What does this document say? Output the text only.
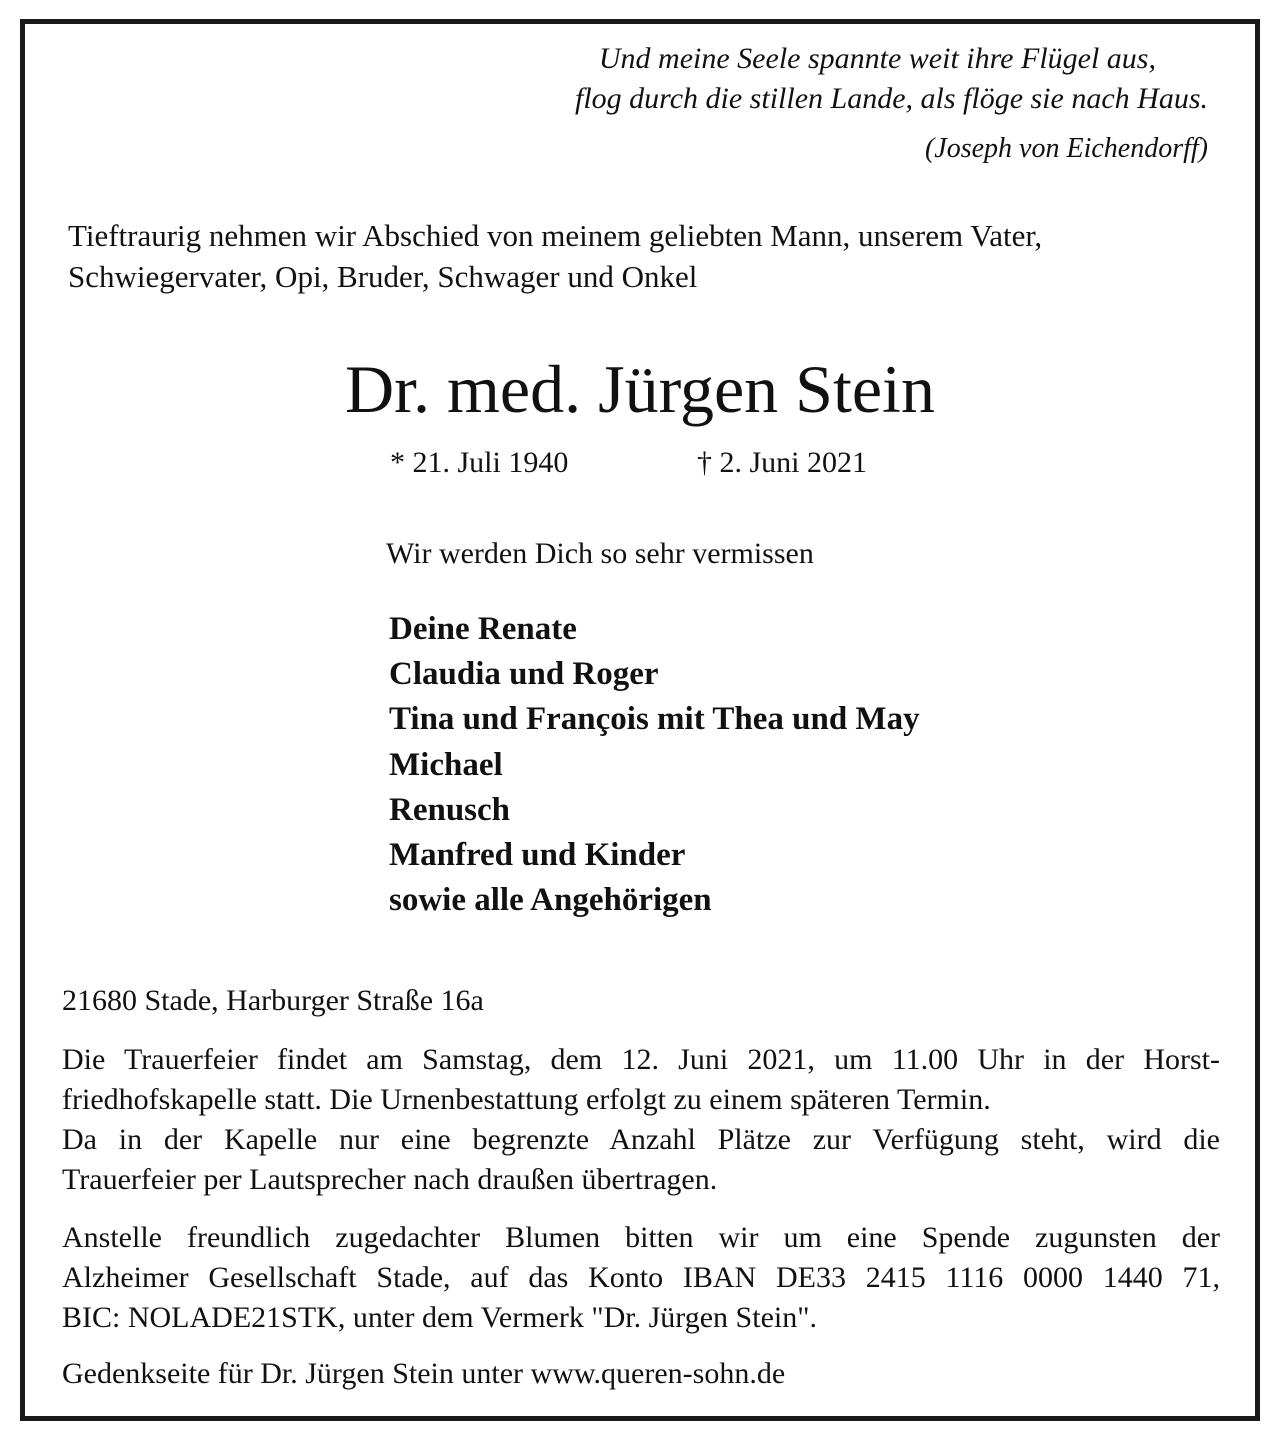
Und meine Seele spannte weit ihre Flügel aus,

flog durch die stillen Lande, als flöge sie nach Haus.

(Joseph von Eichendorff)

Tieftraurig nehmen wir Abschied von meinem geliebten Mann, unserem Vater,

Schwiegervater, Opi, Bruder, Schwager und Onkel

Dr. med. Jürgen Stein

* 21. Juli 1940	† 2. Juni 2021

Wir werden Dich so sehr vermissen

Deine Renate
Claudia und Roger
Tina und François mit Thea und May
Michael
Renusch
Manfred und Kinder
sowie alle Angehörigen

21680 Stade, Harburger Straße 16a

Die Trauerfeier findet am Samstag, dem 12. Juni 2021, um 11.00 Uhr in der Horst-
friedhofskapelle statt. Die Urnenbestattung erfolgt zu einem späteren Termin.
Da in der Kapelle nur eine begrenzte Anzahl Plätze zur Verfügung steht, wird die
Trauerfeier per Lautsprecher nach draußen übertragen.
Anstelle freundlich zugedachter Blumen bitten wir um eine Spende zugunsten der
Alzheimer Gesellschaft Stade, auf das Konto IBAN DE33 2415 1116 0000 1440 71,
BIC: NOLADE21STK, unter dem Vermerk "Dr. Jürgen Stein".

Gedenkseite für Dr. Jürgen Stein unter www.queren-sohn.de
